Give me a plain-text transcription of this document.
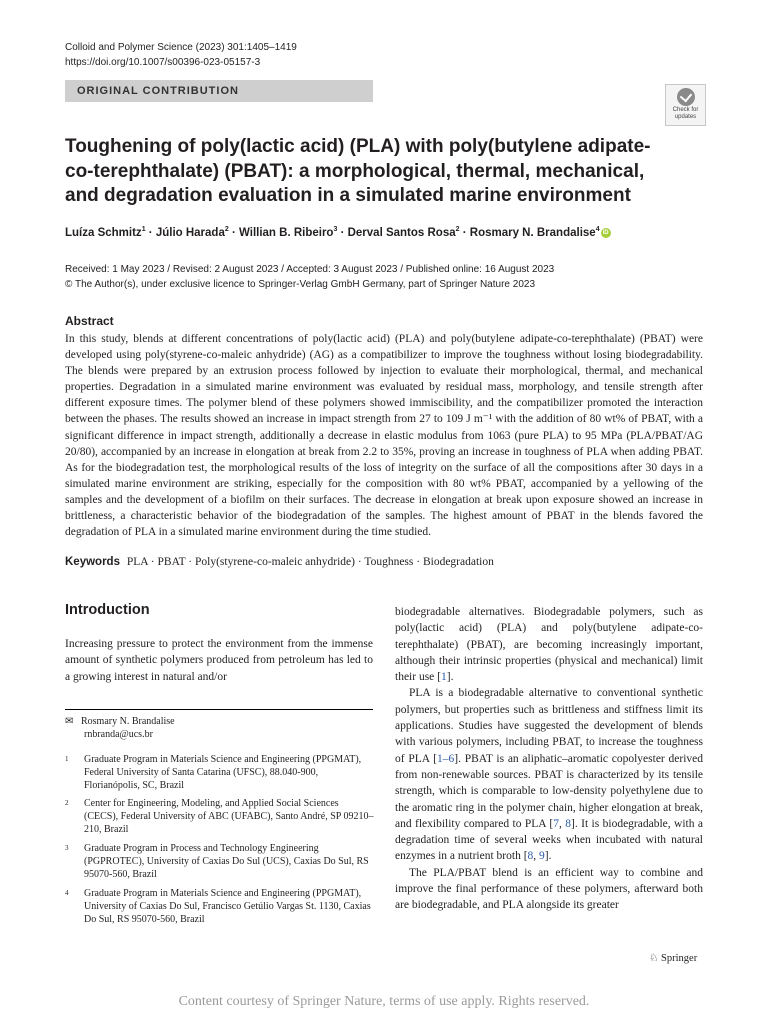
Colloid and Polymer Science (2023) 301:1405–1419
https://doi.org/10.1007/s00396-023-05157-3
ORIGINAL CONTRIBUTION
Check for
updates
Toughening of poly(lactic acid) (PLA) with poly(butylene adipate-co-terephthalate) (PBAT): a morphological, thermal, mechanical, and degradation evaluation in a simulated marine environment
Luíza Schmitz$^1$ · Júlio Harada$^2$ · Willian B. Ribeiro$^3$ · Derval Santos Rosa$^2$ · Rosmary N. Brandalise$^4$ iD
Received: 1 May 2023 / Revised: 2 August 2023 / Accepted: 3 August 2023 / Published online: 16 August 2023
© The Author(s), under exclusive licence to Springer-Verlag GmbH Germany, part of Springer Nature 2023
Abstract
In this study, blends at different concentrations of poly(lactic acid) (PLA) and poly(butylene adipate-co-terephthalate) (PBAT) were developed using poly(styrene-co-maleic anhydride) (AG) as a compatibilizer to improve the toughness without losing biodegradability. The blends were prepared by an extrusion process followed by injection to evaluate their morphological, thermal, and mechanical properties. Degradation in a simulated marine environment was evaluated by residual mass, morphology, and tensile strength after different exposure times. The polymer blend of these polymers showed immiscibility, and the compatibilizer promoted the interaction between the phases. The results showed an increase in impact strength from 27 to 109 J m⁻¹ with the addition of 80 wt% of PBAT, with a significant difference in impact strength, additionally a decrease in elastic modulus from 1063 (pure PLA) to 95 MPa (PLA/PBAT/AG 20/80), accompanied by an increase in elongation at break from 2.2 to 35%, proving an increase in toughness of PLA when adding PBAT. As for the biodegradation test, the morphological results of the loss of integrity on the surface of all the compositions after 30 days in a simulated marine environment are striking, especially for the composition with 80 wt% PBAT, accompanied by a yellowing of the samples and the development of a biofilm on their surfaces. The decrease in elongation at break upon exposure showed an increase in brittleness, a characteristic behavior of the biodegradation of the samples. The highest amount of PBAT in the blends favored the degradation of PLA in a simulated marine environment during the time studied.
Keywords PLA · PBAT · Poly(styrene-co-maleic anhydride) · Toughness · Biodegradation
Introduction
Increasing pressure to protect the environment from the immense amount of synthetic polymers produced from petroleum has led to a growing interest in natural and/or
✉ Rosmary N. Brandalise
rnbranda@ucs.br
1 Graduate Program in Materials Science and Engineering (PPGMAT), Federal University of Santa Catarina (UFSC), 88.040-900, Florianópolis, SC, Brazil
2 Center for Engineering, Modeling, and Applied Social Sciences (CECS), Federal University of ABC (UFABC), Santo André, SP 09210–210, Brazil
3 Graduate Program in Process and Technology Engineering (PGPROTEC), University of Caxias Do Sul (UCS), Caxias Do Sul, RS 95070-560, Brazil
4 Graduate Program in Materials Science and Engineering (PPGMAT), University of Caxias Do Sul, Francisco Getúlio Vargas St. 1130, Caxias Do Sul, RS 95070-560, Brazil

biodegradable alternatives. Biodegradable polymers, such as poly(lactic acid) (PLA) and poly(butylene adipate-co-terephthalate) (PBAT), are becoming increasingly important, although their intrinsic properties (physical and mechanical) limit their use [1].

PLA is a biodegradable alternative to conventional synthetic polymers, but properties such as brittleness and stiffness limit its applications. Studies have suggested the development of blends with various polymers, including PBAT, to increase the toughness of PLA [1–6]. PBAT is an aliphatic–aromatic copolyester derived from non-renewable sources. PBAT is characterized by its tensile strength, which is comparable to low-density polyethylene due to the aromatic ring in the polymer chain, higher elongation at break, and flexibility compared to PLA [7, 8]. It is biodegradable, with a degradation time of several weeks when incubated with natural enzymes in a nutrient broth [8, 9].

The PLA/PBAT blend is an efficient way to combine and improve the final performance of these polymers, afterward both are biodegradable, and PLA alongside its greater

♘ Springer
Content courtesy of Springer Nature, terms of use apply. Rights reserved.
